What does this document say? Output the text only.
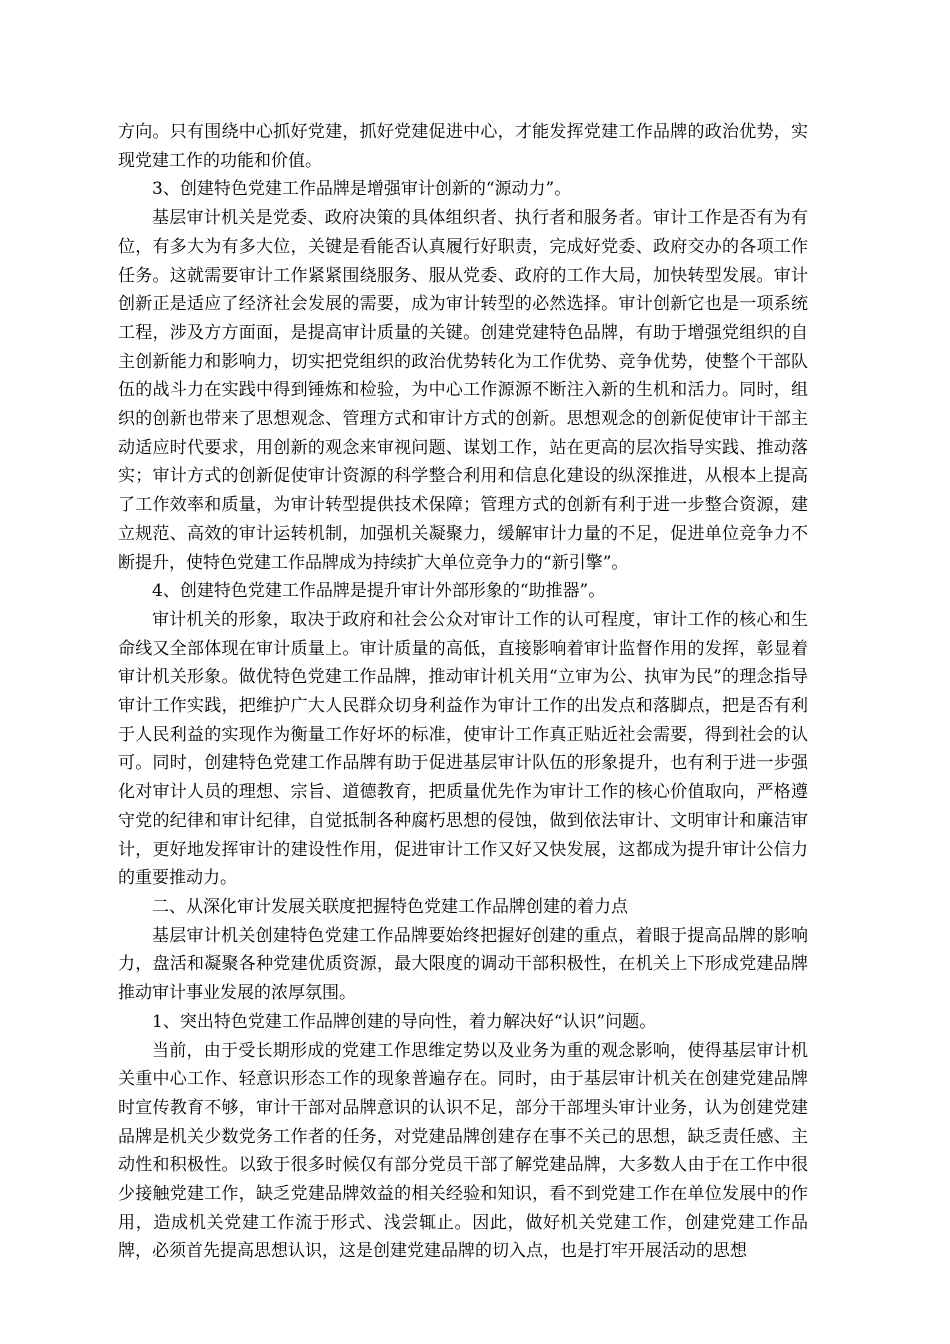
方向。只有围绕中心抓好党建，抓好党建促进中心，才能发挥党建工作品牌的政治优势，实现党建工作的功能和价值。

3、创建特色党建工作品牌是增强审计创新的“源动力”。

基层审计机关是党委、政府决策的具体组织者、执行者和服务者。审计工作是否有为有位，有多大为有多大位，关键是看能否认真履行好职责，完成好党委、政府交办的各项工作任务。这就需要审计工作紧紧围绕服务、服从党委、政府的工作大局，加快转型发展。审计创新正是适应了经济社会发展的需要，成为审计转型的必然选择。审计创新它也是一项系统工程，涉及方方面面，是提高审计质量的关键。创建党建特色品牌，有助于增强党组织的自主创新能力和影响力，切实把党组织的政治优势转化为工作优势、竞争优势，使整个干部队伍的战斗力在实践中得到锤炼和检验，为中心工作源源不断注入新的生机和活力。同时，组织的创新也带来了思想观念、管理方式和审计方式的创新。思想观念的创新促使审计干部主动适应时代要求，用创新的观念来审视问题、谋划工作，站在更高的层次指导实践、推动落实；审计方式的创新促使审计资源的科学整合利用和信息化建设的纵深推进，从根本上提高了工作效率和质量，为审计转型提供技术保障；管理方式的创新有利于进一步整合资源，建立规范、高效的审计运转机制，加强机关凝聚力，缓解审计力量的不足，促进单位竞争力不断提升，使特色党建工作品牌成为持续扩大单位竞争力的“新引擎”。

4、创建特色党建工作品牌是提升审计外部形象的“助推器”。

审计机关的形象，取决于政府和社会公众对审计工作的认可程度，审计工作的核心和生命线又全部体现在审计质量上。审计质量的高低，直接影响着审计监督作用的发挥，彰显着审计机关形象。做优特色党建工作品牌，推动审计机关用“立审为公、执审为民”的理念指导审计工作实践，把维护广大人民群众切身利益作为审计工作的出发点和落脚点，把是否有利于人民利益的实现作为衡量工作好坏的标准，使审计工作真正贴近社会需要，得到社会的认可。同时，创建特色党建工作品牌有助于促进基层审计队伍的形象提升，也有利于进一步强化对审计人员的理想、宗旨、道德教育，把质量优先作为审计工作的核心价值取向，严格遵守党的纪律和审计纪律，自觉抵制各种腐朽思想的侵蚀，做到依法审计、文明审计和廉洁审计，更好地发挥审计的建设性作用，促进审计工作又好又快发展，这都成为提升审计公信力的重要推动力。

二、从深化审计发展关联度把握特色党建工作品牌创建的着力点

基层审计机关创建特色党建工作品牌要始终把握好创建的重点，着眼于提高品牌的影响力，盘活和凝聚各种党建优质资源，最大限度的调动干部积极性，在机关上下形成党建品牌推动审计事业发展的浓厚氛围。

1、突出特色党建工作品牌创建的导向性，着力解决好“认识”问题。

当前，由于受长期形成的党建工作思维定势以及业务为重的观念影响，使得基层审计机关重中心工作、轻意识形态工作的现象普遍存在。同时，由于基层审计机关在创建党建品牌时宣传教育不够，审计干部对品牌意识的认识不足，部分干部埋头审计业务，认为创建党建品牌是机关少数党务工作者的任务，对党建品牌创建存在事不关己的思想，缺乏责任感、主动性和积极性。以致于很多时候仅有部分党员干部了解党建品牌，大多数人由于在工作中很少接触党建工作，缺乏党建品牌效益的相关经验和知识，看不到党建工作在单位发展中的作用，造成机关党建工作流于形式、浅尝辄止。因此，做好机关党建工作，创建党建工作品牌，必须首先提高思想认识，这是创建党建品牌的切入点，也是打牢开展活动的思想
